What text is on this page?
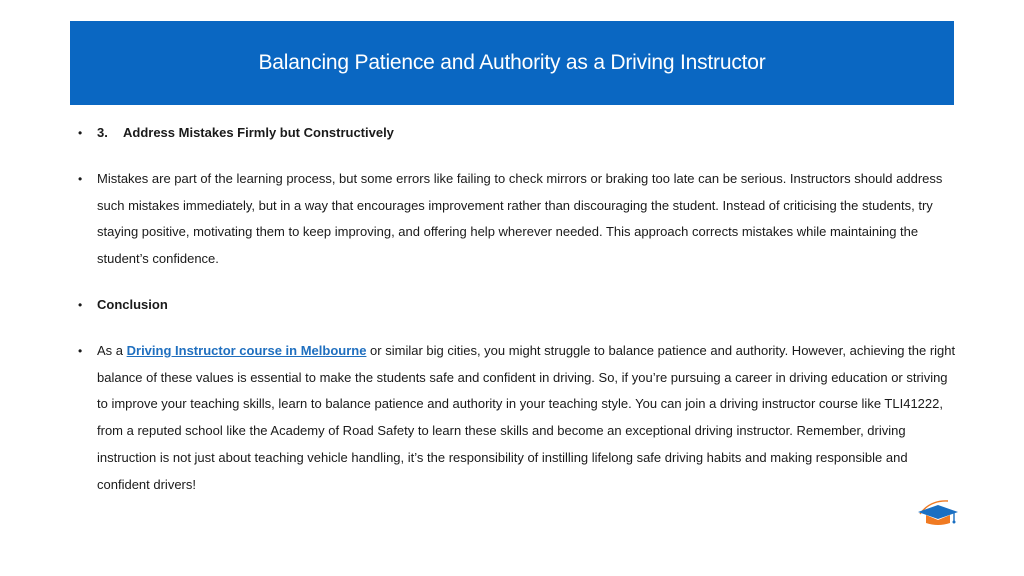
Balancing Patience and Authority as a Driving Instructor
• 3. Address Mistakes Firmly but Constructively
• Mistakes are part of the learning process, but some errors like failing to check mirrors or braking too late can be serious. Instructors should address such mistakes immediately, but in a way that encourages improvement rather than discouraging the student. Instead of criticising the students, try staying positive, motivating them to keep improving, and offering help wherever needed. This approach corrects mistakes while maintaining the student’s confidence.
• Conclusion
• As a Driving Instructor course in Melbourne or similar big cities, you might struggle to balance patience and authority. However, achieving the right balance of these values is essential to make the students safe and confident in driving. So, if you’re pursuing a career in driving education or striving to improve your teaching skills, learn to balance patience and authority in your teaching style. You can join a driving instructor course like TLI41222, from a reputed school like the Academy of Road Safety to learn these skills and become an exceptional driving instructor. Remember, driving instruction is not just about teaching vehicle handling, it’s the responsibility of instilling lifelong safe driving habits and making responsible and confident drivers!
